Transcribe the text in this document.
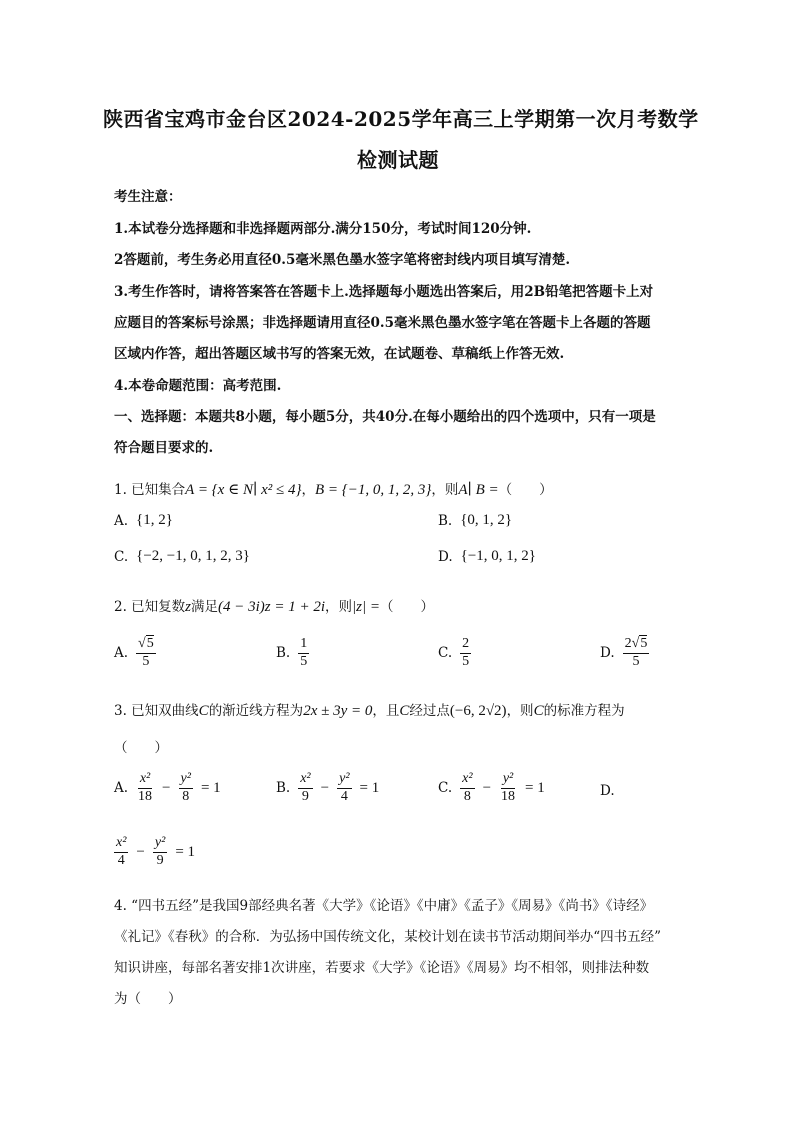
陕西省宝鸡市金台区2024-2025学年高三上学期第一次月考数学
检测试题
考生注意：
1.本试卷分选择题和非选择题两部分.满分150分，考试时间120分钟.
2答题前，考生务必用直径0.5毫米黑色墨水签字笔将密封线内项目填写清楚.
3.考生作答时，请将答案答在答题卡上.选择题每小题选出答案后，用2B铅笔把答题卡上对
应题目的答案标号涂黑；非选择题请用直径0.5毫米黑色墨水签字笔在答题卡上各题的答题
区域内作答，超出答题区域书写的答案无效，在试题卷、草稿纸上作答无效.
4.本卷命题范围：高考范围.
一、选择题：本题共8小题，每小题5分，共40分.在每小题给出的四个选项中，只有一项是
符合题目要求的.
1. 已知集合A = {x ∈ N∣ x² ≤ 4}，B = {−1, 0, 1, 2, 3}，则A∣ B =（　　）
A. {1, 2}	B. {0, 1, 2}
C. {−2, −1, 0, 1, 2, 3}	D. {−1, 0, 1, 2}
2. 已知复数z满足(4 − 3i)z = 1 + 2i，则|z| =（　　）
A. $\frac{√5}{5}$	B. $\frac{1}{5}$	C. $\frac{2}{5}$	D. $\frac{2√5}{5}$
3. 已知双曲线C的渐近线方程为2x ± 3y = 0，且C经过点(−6, 2√2)，则C的标准方程为
（　　）
A. $\frac{\text{x²}}{18} - \frac{\text{y²}}{8} = 1$	B. $\frac{\text{x²}}{9} - \frac{\text{y²}}{4} = 1$	C. $\frac{\text{x²}}{8} - \frac{\text{y²}}{18} = 1$	D.
$\frac{\text{x²}}{4} - \frac{\text{y²}}{9} = 1$
4. “四书五经”是我国9部经典名著《大学》《论语》《中庸》《孟子》《周易》《尚书》《诗经》
《礼记》《春秋》的合称．为弘扬中国传统文化，某校计划在读书节活动期间举办“四书五经”
知识讲座，每部名著安排1次讲座，若要求《大学》《论语》《周易》均不相邻，则排法种数
为（　　）
